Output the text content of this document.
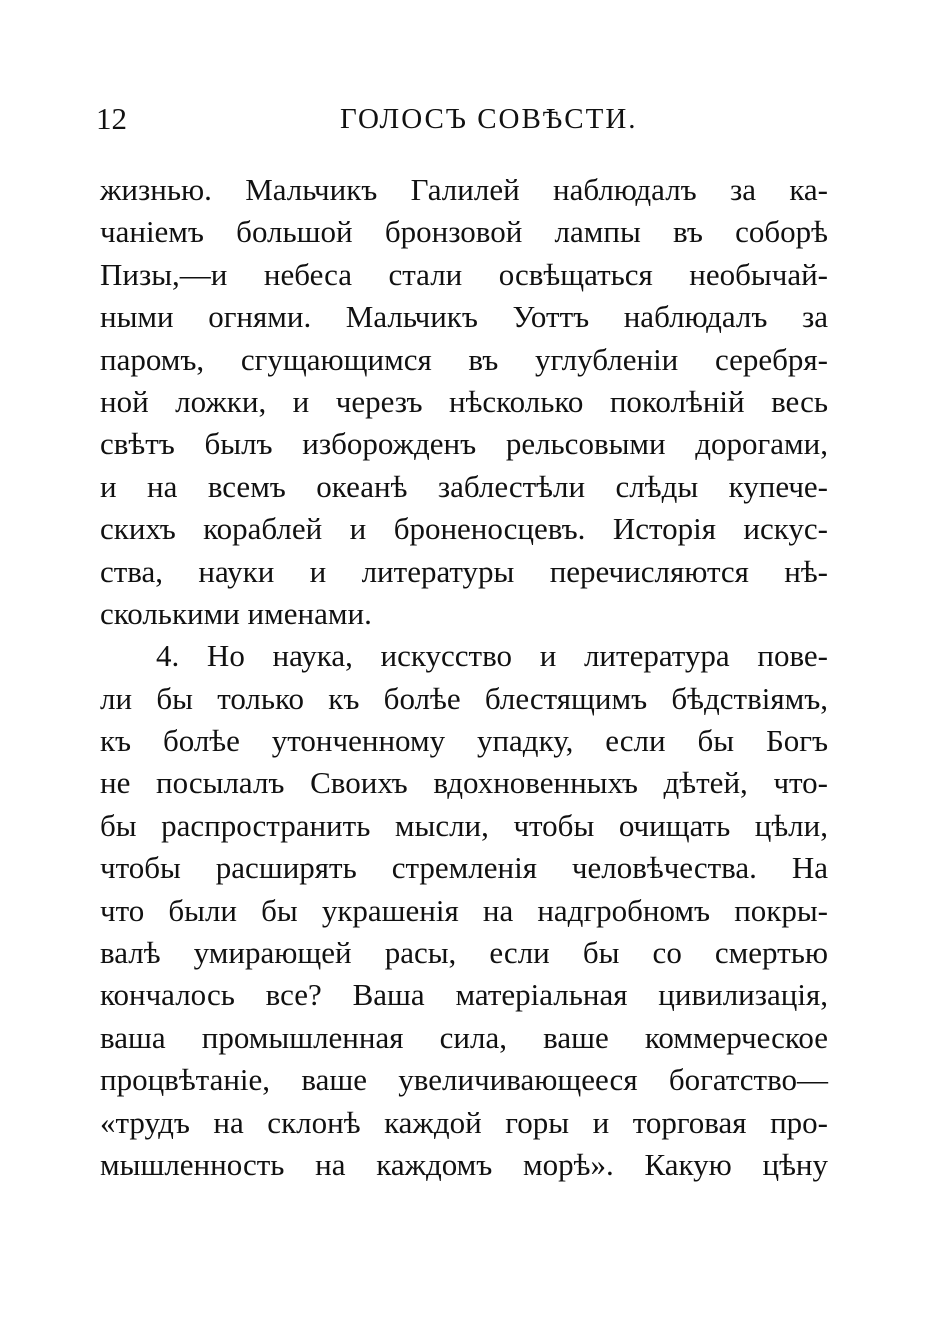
12	ГОЛОСЪ СОВѢСТИ.
жизнью. Мальчикъ Галилей наблюдалъ за ка-
чаніемъ большой бронзовой лампы въ соборѣ
Пизы,—и небеса стали освѣщаться необычай-
ными огнями. Мальчикъ Уоттъ наблюдалъ за
паромъ, сгущающимся въ углубленіи серебря-
ной ложки, и черезъ нѣсколько поколѣній весь
свѣтъ былъ изборожденъ рельсовыми дорогами,
и на всемъ океанѣ заблестѣли слѣды купече-
скихъ кораблей и броненосцевъ. Исторія искус-
ства, науки и литературы перечисляются нѣ-
сколькими именами.
4. Но наука, искусство и литература пове-
ли бы только къ болѣе блестящимъ бѣдствіямъ,
къ болѣе утонченному упадку, если бы Богъ
не посылалъ Своихъ вдохновенныхъ дѣтей, что-
бы распространить мысли, чтобы очищать цѣли,
чтобы расширять стремленія человѣчества. На
что были бы украшенія на надгробномъ покры-
валѣ умирающей расы, если бы со смертью
кончалось все? Ваша матеріальная цивилизація,
ваша промышленная сила, ваше коммерческое
процвѣтаніе, ваше увеличивающееся богатство—
«трудъ на склонѣ каждой горы и торговая про-
мышленность на каждомъ морѣ». Какую цѣну
